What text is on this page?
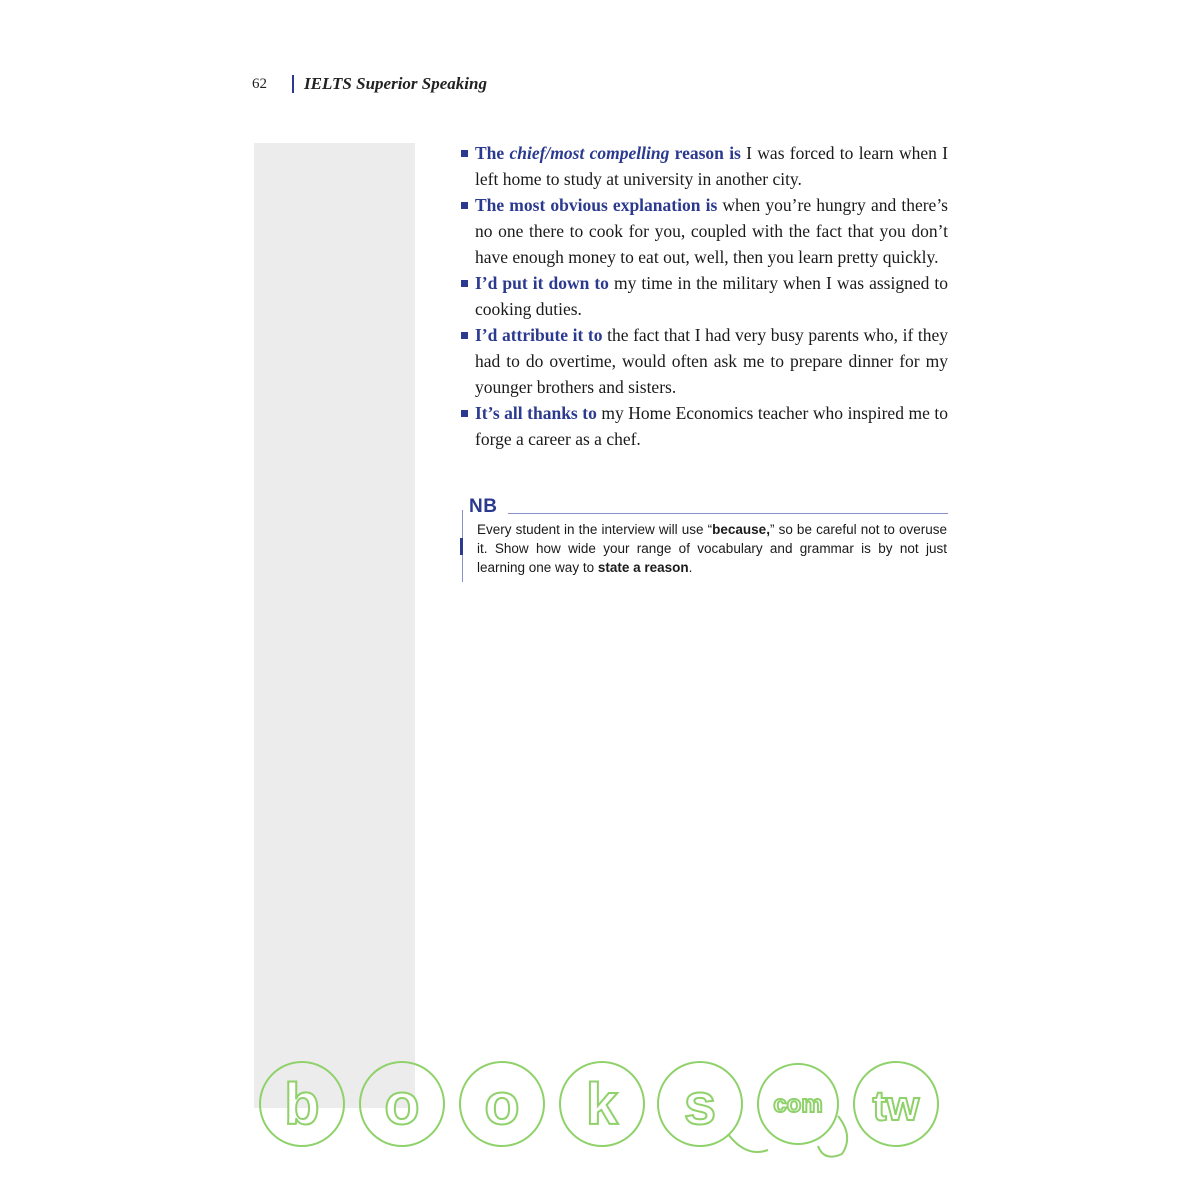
62	IELTS Superior Speaking

The chief/most compelling reason is I was forced to learn when I left home to study at university in another city.

The most obvious explanation is when you’re hungry and there’s no one there to cook for you, coupled with the fact that you don’t have enough money to eat out, well, then you learn pretty quickly.

I’d put it down to my time in the military when I was assigned to cooking duties.

I’d attribute it to the fact that I had very busy parents who, if they had to do overtime, would often ask me to prepare dinner for my younger brothers and sisters.

It’s all thanks to my Home Economics teacher who inspired me to forge a career as a chef.

NB

Every student in the interview will use “because,” so be careful not to overuse it. Show how wide your range of vocabulary and grammar is by not just learning one way to state a reason.

b o o k s com tw
